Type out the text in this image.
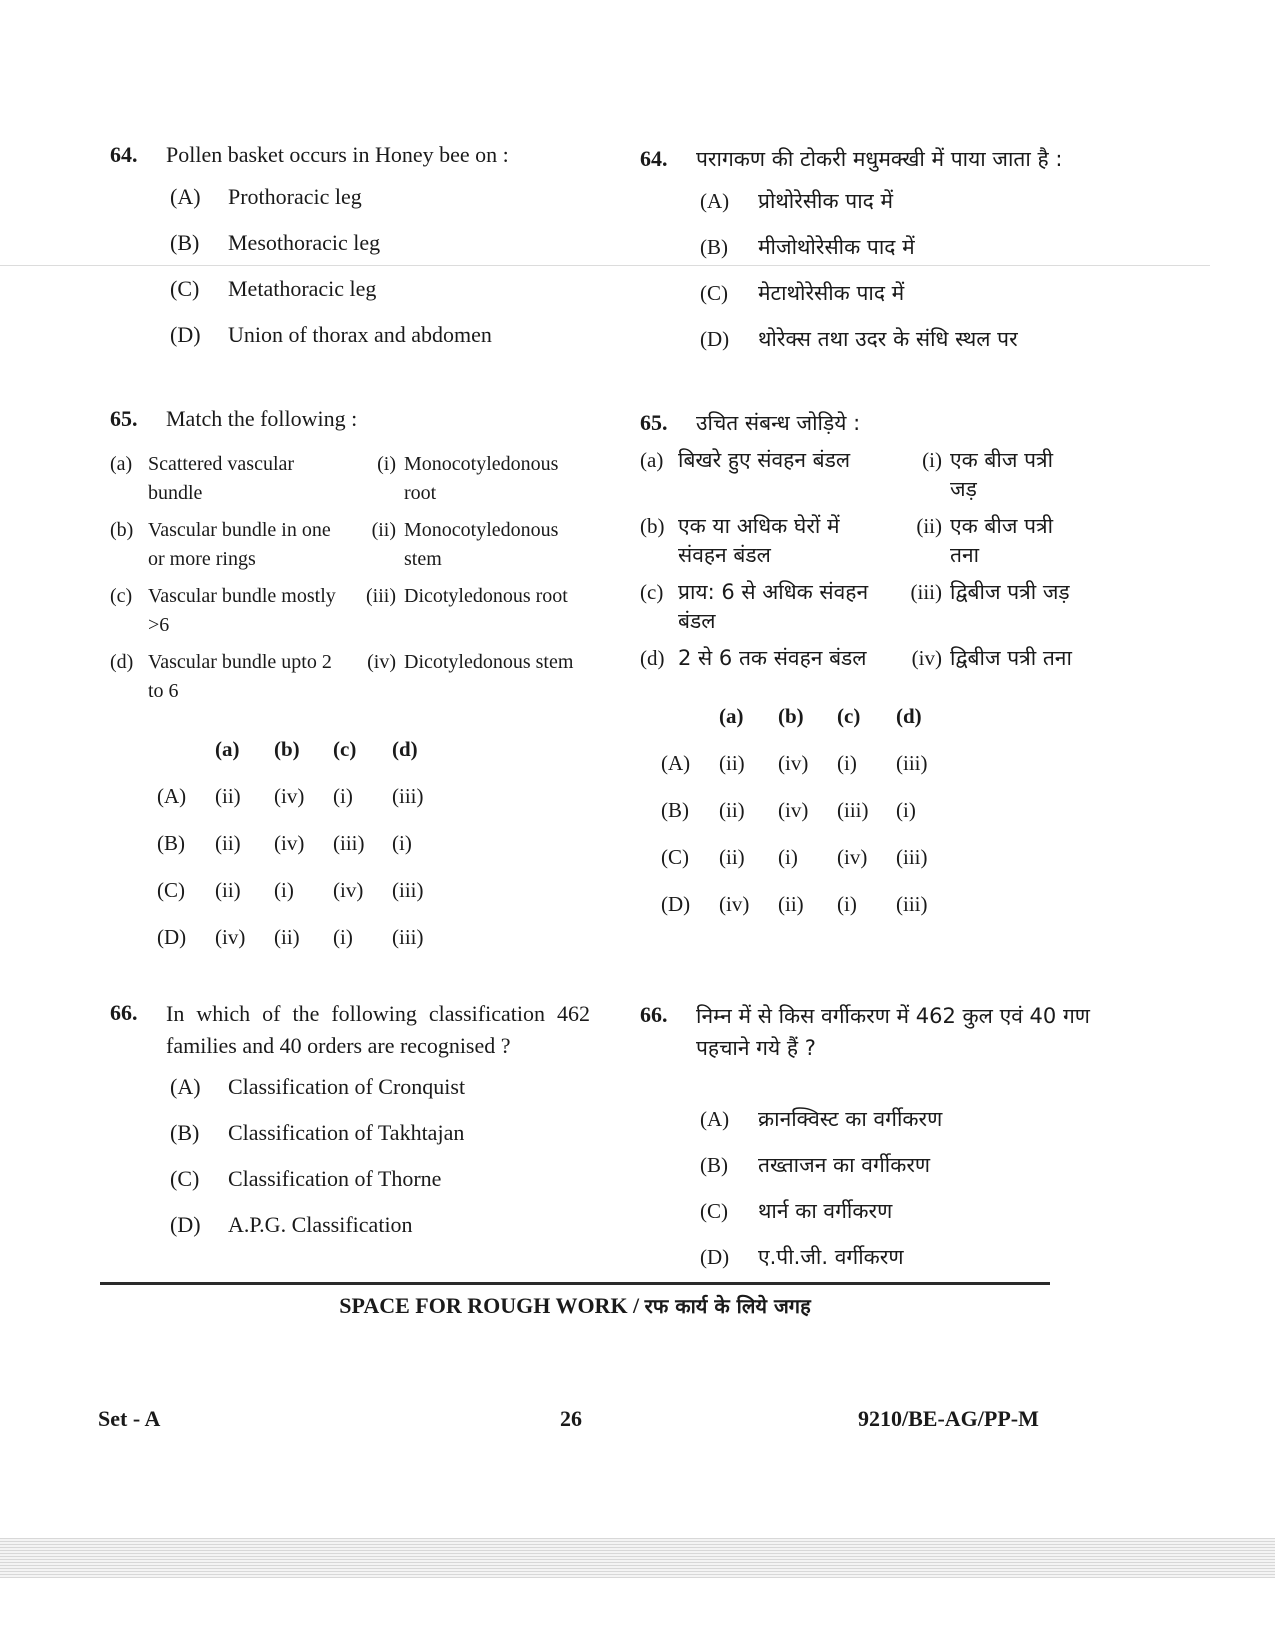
64.	Pollen basket occurs in Honey bee on :
(A)	Prothoracic leg
(B)	Mesothoracic leg
(C)	Metathoracic leg
(D)	Union of thorax and abdomen
65.	Match the following :
(a)	Scattered vascular bundle	(i)	Monocotyledonous root
(b)	Vascular bundle in one or more rings	(ii)	Monocotyledonous stem
(c)	Vascular bundle mostly >6	(iii)	Dicotyledonous root
(d)	Vascular bundle upto 2 to 6	(iv)	Dicotyledonous stem
	(a)	(b)	(c)	(d)
(A)	(ii)	(iv)	(i)	(iii)
(B)	(ii)	(iv)	(iii)	(i)
(C)	(ii)	(i)	(iv)	(iii)
(D)	(iv)	(ii)	(i)	(iii)
66.	In which of the following classification 462 families and 40 orders are recognised ?
(A)	Classification of Cronquist
(B)	Classification of Takhtajan
(C)	Classification of Thorne
(D)	A.P.G. Classification
64.	परागकण की टोकरी मधुमक्खी में पाया जाता है :
(A)	प्रोथोरेसीक पाद में
(B)	मीजोथोरेसीक पाद में
(C)	मेटाथोरेसीक पाद में
(D)	थोरेक्स तथा उदर के संधि स्थल पर
65.	उचित संबन्ध जोड़िये :
(a)	बिखरे हुए संवहन बंडल	(i)	एक बीज पत्री जड़
(b)	एक या अधिक घेरों में संवहन बंडल	(ii)	एक बीज पत्री तना
(c)	प्राय: 6 से अधिक संवहन बंडल	(iii)	द्विबीज पत्री जड़
(d)	2 से 6 तक संवहन बंडल	(iv)	द्विबीज पत्री तना
	(a)	(b)	(c)	(d)
(A)	(ii)	(iv)	(i)	(iii)
(B)	(ii)	(iv)	(iii)	(i)
(C)	(ii)	(i)	(iv)	(iii)
(D)	(iv)	(ii)	(i)	(iii)
66.	निम्न में से किस वर्गीकरण में 462 कुल एवं 40 गण पहचाने गये हैं ?
(A)	क्रानक्विस्ट का वर्गीकरण
(B)	तख्ताजन का वर्गीकरण
(C)	थार्न का वर्गीकरण
(D)	ए.पी.जी. वर्गीकरण
SPACE FOR ROUGH WORK / रफ कार्य के लिये जगह
Set - A	26	9210/BE-AG/PP-M
